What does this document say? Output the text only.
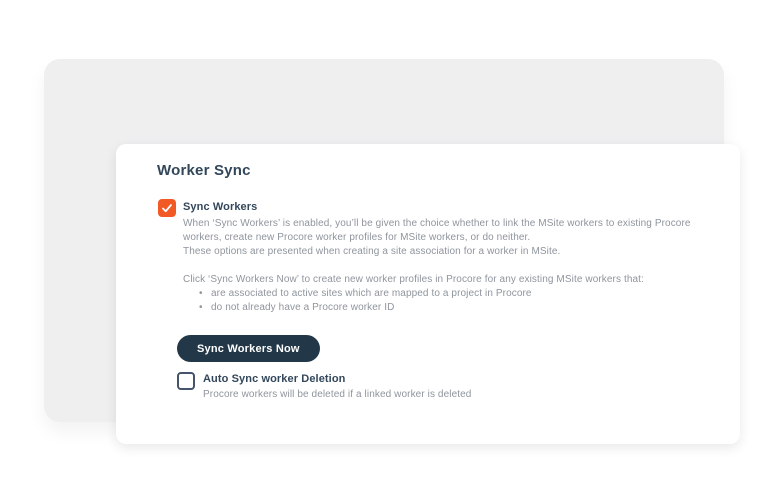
Worker Sync
Sync Workers

When ‘Sync Workers’ is enabled, you’ll be given the choice whether to link the MSite workers to existing Procore workers, create new Procore worker profiles for MSite workers, or do neither.

These options are presented when creating a site association for a worker in MSite.

Click ‘Sync Workers Now’ to create new worker profiles in Procore for any existing MSite workers that:

• are associated to active sites which are mapped to a project in Procore
• do not already have a Procore worker ID
Sync Workers Now
Auto Sync worker Deletion

Procore workers will be deleted if a linked worker is deleted
